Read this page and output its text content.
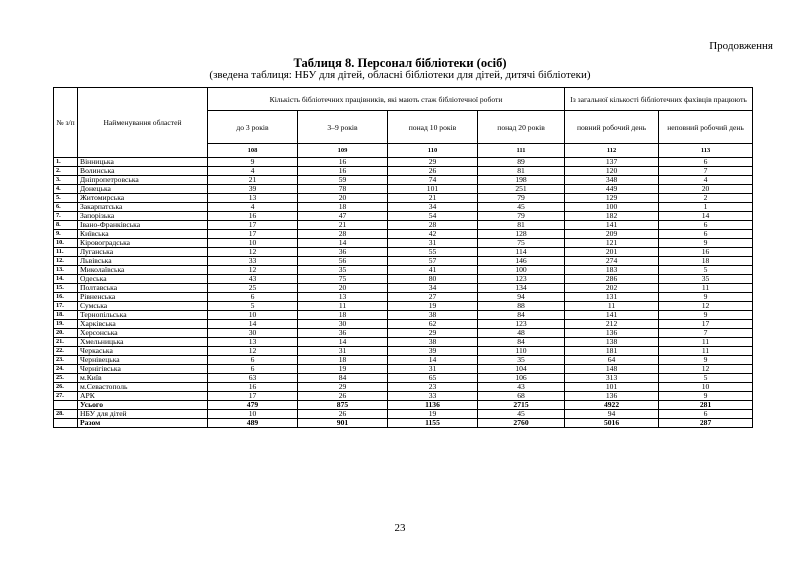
Продовження
Таблиця 8. Персонал бібліотеки (осіб)
(зведена таблиця: НБУ для дітей, обласні бібліотеки для дітей, дитячі бібліотеки)
№ з/п	Найменування областей	Кількість бібліотечних працівників, які мають стаж бібліотечної роботи				Із загальної кількості бібліотечних фахівців працюють	
		до 3 років	3–9 років	понад 10 років	понад 20 років	повний робочий день	неповний робочий день
		108	109	110	111	112	113
1.	Вінницька	9	16	29	89	137	6
2.	Волинська	4	16	26	81	120	7
3.	Дніпропетровська	21	59	74	198	348	4
4.	Донецька	39	78	101	251	449	20
5.	Житомирська	13	20	21	79	129	2
6.	Закарпатська	4	18	34	45	100	1
7.	Запорізька	16	47	54	79	182	14
8.	Івано-Франківська	17	21	28	81	141	6
9.	Київська	17	28	42	128	209	6
10.	Кіровоградська	10	14	31	75	121	9
11.	Луганська	12	36	55	114	201	16
12.	Львівська	33	56	57	146	274	18
13.	Миколаївська	12	35	41	100	183	5
14.	Одеська	43	75	80	123	286	35
15.	Полтавська	25	20	34	134	202	11
16.	Рівненська	6	13	27	94	131	9
17.	Сумська	5	11	19	88	11	12
18.	Тернопільська	10	18	38	84	141	9
19.	Харківська	14	30	62	123	212	17
20.	Херсонська	30	36	29	48	136	7
21.	Хмельницька	13	14	38	84	138	11
22.	Черкаська	12	31	39	110	181	11
23.	Чернівецька	6	18	14	35	64	9
24.	Чернігівська	6	19	31	104	148	12
25.	м.Київ	63	84	65	106	313	5
26.	м.Севастополь	16	29	23	43	101	10
27.	АРК	17	26	33	68	136	9
	Усього	479	875	1136	2715	4922	281
28.	НБУ для дітей	10	26	19	45	94	6
	Разом	489	901	1155	2760	5016	287
23
